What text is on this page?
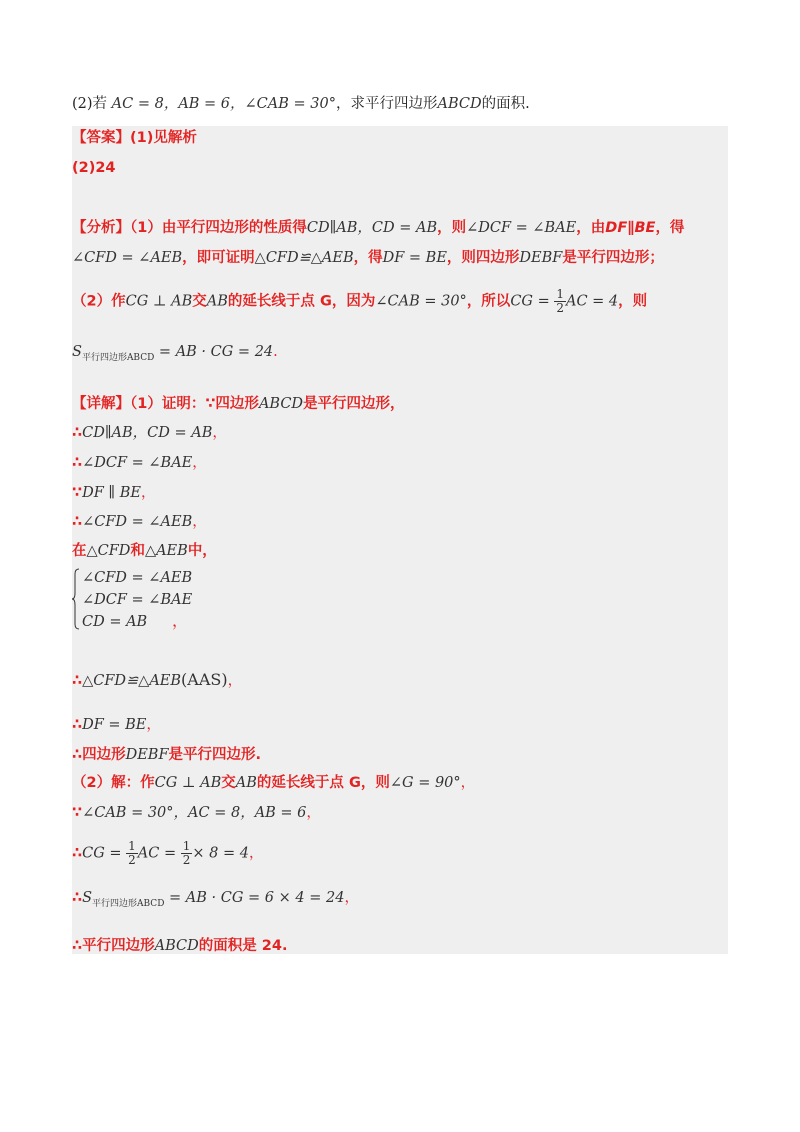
(2)若 AC = 8，AB = 6，∠CAB = 30°，求平行四边形ABCD的面积.
【答案】(1)见解析
(2)24
【分析】（1）由平行四边形的性质得CD∥AB，CD = AB，则∠DCF = ∠BAE，由DF∥BE，得
∠CFD = ∠AEB，即可证明△CFD≌△AEB，得DF = BE，则四边形DEBF是平行四边形；
（2）作CG ⊥ AB交AB的延长线于点 G，因为∠CAB = 30°，所以CG = $\frac{1}{2}$ AC = 4，则
$S_{平行四边形ABCD}$ = AB · CG = 24.
【详解】（1）证明：∵四边形ABCD是平行四边形，
∴CD∥AB，CD = AB，
∴∠DCF = ∠BAE，
∵DF ∥ BE，
∴∠CFD = ∠AEB，
在△CFD和△AEB中，
∠CFD = ∠AEB
∠DCF = ∠BAE
CD = AB ，
∴△CFD≌△AEB(AAS)，
∴DF = BE，
∴四边形DEBF是平行四边形.
（2）解：作CG ⊥ AB交AB的延长线于点 G，则∠G = 90°，
∵∠CAB = 30°，AC = 8，AB = 6，
∴CG = $\frac{1}{2}$ AC = $\frac{1}{2} \times 8 = 4$，
$\therefore S_{平行四边形ABCD}$ = AB · CG = 6 × 4 = 24，
∴平行四边形ABCD的面积是 24.
